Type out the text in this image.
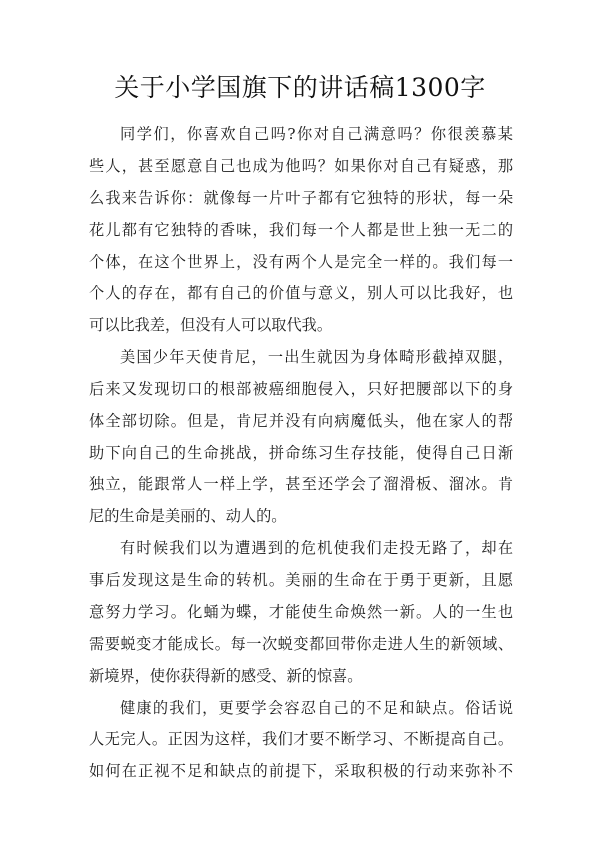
关于小学国旗下的讲话稿1300字
同学们，你喜欢自己吗?你对自己满意吗？你很羡慕某
些人，甚至愿意自己也成为他吗？如果你对自己有疑惑，那
么我来告诉你：就像每一片叶子都有它独特的形状，每一朵
花儿都有它独特的香味，我们每一个人都是世上独一无二的
个体，在这个世界上，没有两个人是完全一样的。我们每一
个人的存在，都有自己的价值与意义，别人可以比我好，也
可以比我差，但没有人可以取代我。
美国少年天使肯尼，一出生就因为身体畸形截掉双腿，
后来又发现切口的根部被癌细胞侵入，只好把腰部以下的身
体全部切除。但是，肯尼并没有向病魔低头，他在家人的帮
助下向自己的生命挑战，拼命练习生存技能，使得自己日渐
独立，能跟常人一样上学，甚至还学会了溜滑板、溜冰。肯
尼的生命是美丽的、动人的。
有时候我们以为遭遇到的危机使我们走投无路了，却在
事后发现这是生命的转机。美丽的生命在于勇于更新，且愿
意努力学习。化蛹为蝶，才能使生命焕然一新。人的一生也
需要蜕变才能成长。每一次蜕变都回带你走进人生的新领域、
新境界，使你获得新的感受、新的惊喜。
健康的我们，更要学会容忍自己的不足和缺点。俗话说
人无完人。正因为这样，我们才要不断学习、不断提高自己。
如何在正视不足和缺点的前提下，采取积极的行动来弥补不
